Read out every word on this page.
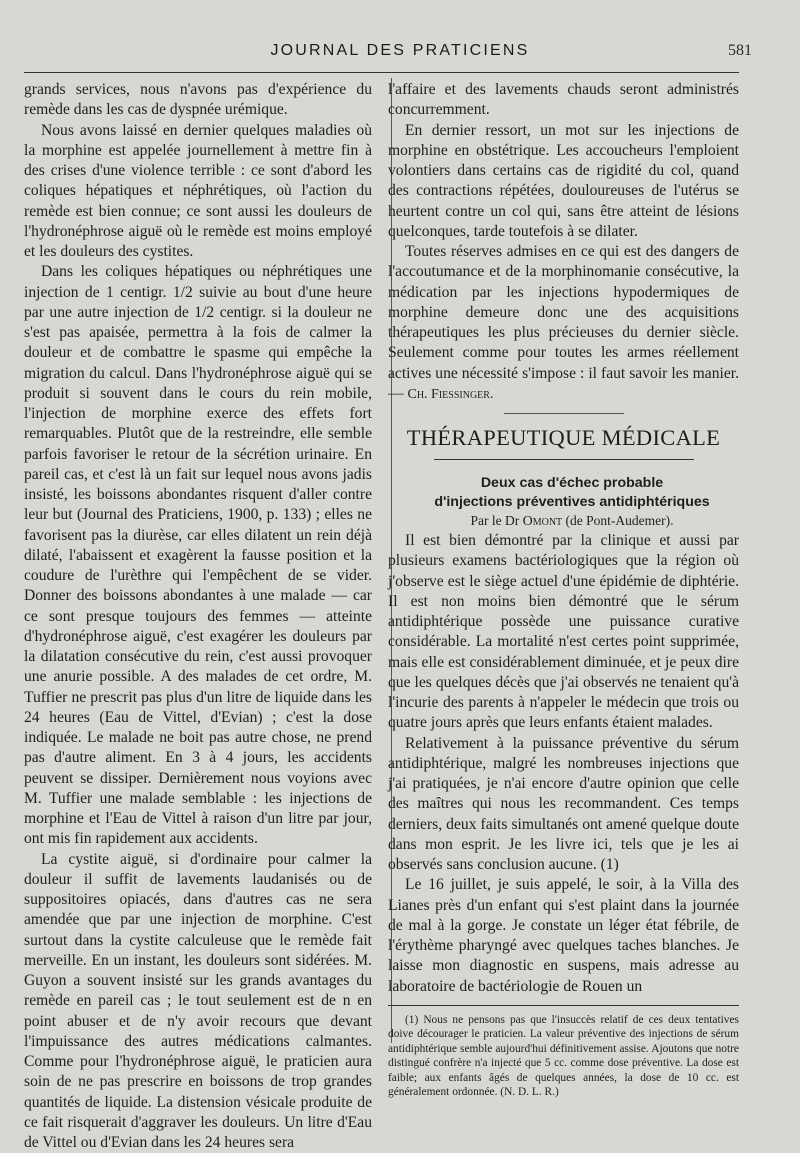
JOURNAL DES PRATICIENS	581

grands services, nous n'avons pas d'expérience du remède dans les cas de dyspnée urémique.

Nous avons laissé en dernier quelques maladies où la morphine est appelée journellement à mettre fin à des crises d'une violence terrible : ce sont d'abord les coliques hépatiques et néphrétiques, où l'action du remède est bien connue; ce sont aussi les douleurs de l'hydronéphrose aiguë où le remède est moins employé et les douleurs des cystites.

Dans les coliques hépatiques ou néphrétiques une injection de 1 centigr. 1/2 suivie au bout d'une heure par une autre injection de 1/2 centigr. si la douleur ne s'est pas apaisée, permettra à la fois de calmer la douleur et de combattre le spasme qui empêche la migration du calcul. Dans l'hydronéphrose aiguë qui se produit si souvent dans le cours du rein mobile, l'injection de morphine exerce des effets fort remarquables. Plutôt que de la restreindre, elle semble parfois favoriser le retour de la sécrétion urinaire. En pareil cas, et c'est là un fait sur lequel nous avons jadis insisté, les boissons abondantes risquent d'aller contre leur but (Journal des Praticiens, 1900, p. 133) ; elles ne favorisent pas la diurèse, car elles dilatent un rein déjà dilaté, l'abaissent et exagèrent la fausse position et la coudure de l'urèthre qui l'empêchent de se vider. Donner des boissons abondantes à une malade — car ce sont presque toujours des femmes — atteinte d'hydronéphrose aiguë, c'est exagérer les douleurs par la dilatation consécutive du rein, c'est aussi provoquer une anurie possible. A des malades de cet ordre, M. Tuffier ne prescrit pas plus d'un litre de liquide dans les 24 heures (Eau de Vittel, d'Evian) ; c'est la dose indiquée. Le malade ne boit pas autre chose, ne prend pas d'autre aliment. En 3 à 4 jours, les accidents peuvent se dissiper. Dernièrement nous voyions avec M. Tuffier une malade semblable : les injections de morphine et l'Eau de Vittel à raison d'un litre par jour, ont mis fin rapidement aux accidents.

La cystite aiguë, si d'ordinaire pour calmer la douleur il suffit de lavements laudanisés ou de suppositoires opiacés, dans d'autres cas ne sera amendée que par une injection de morphine. C'est surtout dans la cystite calculeuse que le remède fait merveille. En un instant, les douleurs sont sidérées. M. Guyon a souvent insisté sur les grands avantages du remède en pareil cas ; le tout seulement est de n en point abuser et de n'y avoir recours que devant l'impuissance des autres médications calmantes. Comme pour l'hydronéphrose aiguë, le praticien aura soin de ne pas prescrire en boissons de trop grandes quantités de liquide. La distension vésicale produite de ce fait risquerait d'aggraver les douleurs. Un litre d'Eau de Vittel ou d'Evian dans les 24 heures sera

l'affaire et des lavements chauds seront administrés concurremment.

En dernier ressort, un mot sur les injections de morphine en obstétrique. Les accoucheurs l'emploient volontiers dans certains cas de rigidité du col, quand des contractions répétées, douloureuses de l'utérus se heurtent contre un col qui, sans être atteint de lésions quelconques, tarde toutefois à se dilater.

Toutes réserves admises en ce qui est des dangers de l'accoutumance et de la morphinomanie consécutive, la médication par les injections hypodermiques de morphine demeure donc une des acquisitions thérapeutiques les plus précieuses du dernier siècle. Seulement comme pour toutes les armes réellement actives une nécessité s'impose : il faut savoir les manier. — Ch. Fiessinger.

THÉRAPEUTIQUE MÉDICALE

Deux cas d'échec probable

d'injections préventives antidiphtériques

Par le Dr Omont (de Pont-Audemer).

Il est bien démontré par la clinique et aussi par plusieurs examens bactériologiques que la région où j'observe est le siège actuel d'une épidémie de diphtérie. Il est non moins bien démontré que le sérum antidiphtérique possède une puissance curative considérable. La mortalité n'est certes point supprimée, mais elle est considérablement diminuée, et je peux dire que les quelques décès que j'ai observés ne tenaient qu'à l'incurie des parents à n'appeler le médecin que trois ou quatre jours après que leurs enfants étaient malades.

Relativement à la puissance préventive du sérum antidiphtérique, malgré les nombreuses injections que j'ai pratiquées, je n'ai encore d'autre opinion que celle des maîtres qui nous les recommandent. Ces temps derniers, deux faits simultanés ont amené quelque doute dans mon esprit. Je les livre ici, tels que je les ai observés sans conclusion aucune. (1)

Le 16 juillet, je suis appelé, le soir, à la Villa des Lianes près d'un enfant qui s'est plaint dans la journée de mal à la gorge. Je constate un léger état fébrile, de l'érythème pharyngé avec quelques taches blanches. Je laisse mon diagnostic en suspens, mais adresse au laboratoire de bactériologie de Rouen un

(1) Nous ne pensons pas que l'insuccès relatif de ces deux tentatives doive décourager le praticien. La valeur préventive des injections de sérum antidiphtérique semble aujourd'hui définitivement assise. Ajoutons que notre distingué confrère n'a injecté que 5 cc. comme dose préventive. La dose est faible; aux enfants âgés de quelques années, la dose de 10 cc. est généralement ordonnée. (N. D. L. R.)
